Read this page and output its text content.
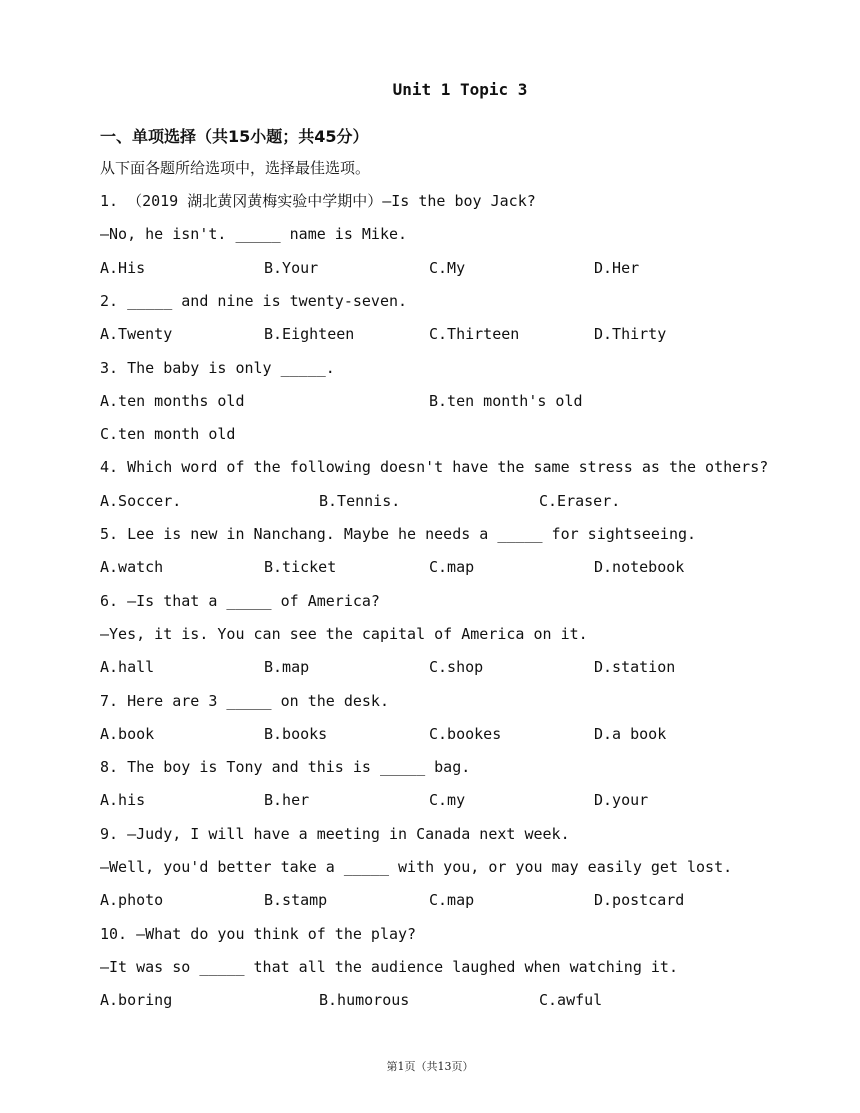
Unit 1 Topic 3
一、单项选择（共15小题；共45分）
从下面各题所给选项中，选择最佳选项。
1. （2019 湖北黄冈黄梅实验中学期中）—Is the boy Jack?
—No, he isn't. _____ name is Mike.
A.His	B.Your	C.My	D.Her
2. _____ and nine is twenty-seven.
A.Twenty	B.Eighteen	C.Thirteen	D.Thirty
3. The baby is only _____.
A.ten months old	B.ten month's old
C.ten month old
4. Which word of the following doesn't have the same stress as the others?
A.Soccer.	B.Tennis.	C.Eraser.
5. Lee is new in Nanchang. Maybe he needs a _____ for sightseeing.
A.watch	B.ticket	C.map	D.notebook
6. —Is that a _____ of America?
—Yes, it is. You can see the capital of America on it.
A.hall	B.map	C.shop	D.station
7. Here are 3 _____ on the desk.
A.book	B.books	C.bookes	D.a book
8. The boy is Tony and this is _____ bag.
A.his	B.her	C.my	D.your
9. —Judy, I will have a meeting in Canada next week.
—Well, you'd better take a _____ with you, or you may easily get lost.
A.photo	B.stamp	C.map	D.postcard
10. —What do you think of the play?
—It was so _____ that all the audience laughed when watching it.
A.boring	B.humorous	C.awful
第1页（共13页）
